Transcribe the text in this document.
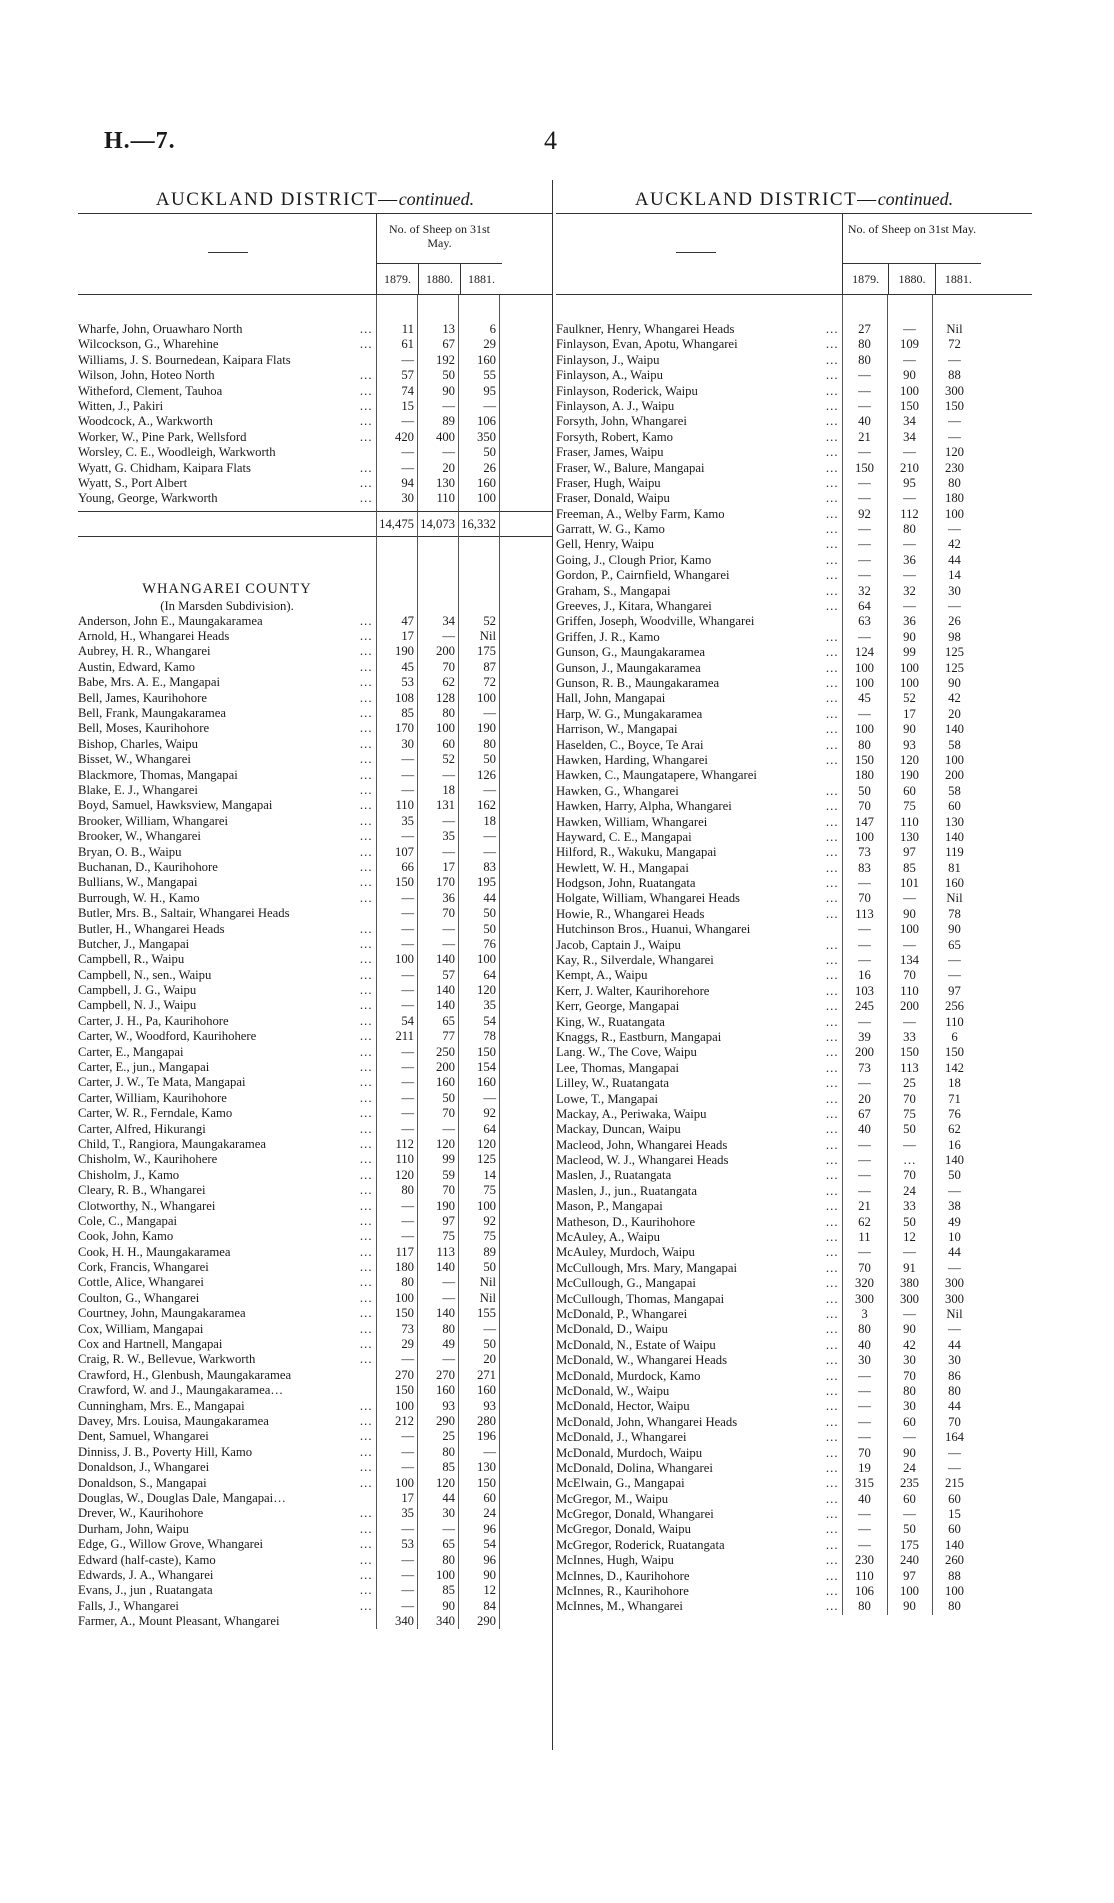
H.—7.	4
AUCKLAND DISTRICT—continued.
No. of Sheep on 31st May.
1879.	1880.	1881.
Wharfe, John, Oruawharo North	…	11	13	6
Wilcockson, G., Wharehine	…	61	67	29
Williams, J. S. Bournedean, Kaipara Flats	—	192	160
Wilson, John, Hoteo North	…	57	50	55
Witheford, Clement, Tauhoa	…	74	90	95
Witten, J., Pakiri	…	15	—	—
Woodcock, A., Warkworth	…	—	89	106
Worker, W., Pine Park, Wellsford	…	420	400	350
Worsley, C. E., Woodleigh, Warkworth	—	—	50
Wyatt, G. Chidham, Kaipara Flats	…	—	20	26
Wyatt, S., Port Albert	…	94	130	160
Young, George, Warkworth	…	30	110	100
14,475 14,073 16,332
WHANGAREI COUNTY
(In Marsden Subdivision).
Anderson, John E., Maungakaramea	…	47	34	52
Arnold, H., Whangarei Heads	…	17	—	Nil
Aubrey, H. R., Whangarei	…	190	200	175
Austin, Edward, Kamo	…	45	70	87
Babe, Mrs. A. E., Mangapai	…	53	62	72
Bell, James, Kaurihohore	…	108	128	100
Bell, Frank, Maungakaramea	…	85	80	—
Bell, Moses, Kaurihohore	…	170	100	190
Bishop, Charles, Waipu	…	30	60	80
Bisset, W., Whangarei	…	—	52	50
Blackmore, Thomas, Mangapai	…	—	—	126
Blake, E. J., Whangarei	…	—	18	—
Boyd, Samuel, Hawksview, Mangapai	…	110	131	162
Brooker, William, Whangarei	…	35	—	18
Brooker, W., Whangarei	…	—	35	—
Bryan, O. B., Waipu	…	107	—	—
Buchanan, D., Kaurihohore	…	66	17	83
Bullians, W., Mangapai	…	150	170	195
Burrough, W. H., Kamo	…	—	36	44
Butler, Mrs. B., Saltair, Whangarei Heads	—	70	50
Butler, H., Whangarei Heads	…	—	—	50
Butcher, J., Mangapai	…	—	—	76
Campbell, R., Waipu	…	100	140	100
Campbell, N., sen., Waipu	…	—	57	64
Campbell, J. G., Waipu	…	—	140	120
Campbell, N. J., Waipu	…	—	140	35
Carter, J. H., Pa, Kaurihohore	…	54	65	54
Carter, W., Woodford, Kaurihohere	…	211	77	78
Carter, E., Mangapai	…	—	250	150
Carter, E., jun., Mangapai	…	—	200	154
Carter, J. W., Te Mata, Mangapai	…	—	160	160
Carter, William, Kaurihohore	…	—	50	—
Carter, W. R., Ferndale, Kamo	…	—	70	92
Carter, Alfred, Hikurangi	…	—	—	64
Child, T., Rangiora, Maungakaramea	…	112	120	120
Chisholm, W., Kaurihohere	…	110	99	125
Chisholm, J., Kamo	…	120	59	14
Cleary, R. B., Whangarei	…	80	70	75
Clotworthy, N., Whangarei	…	—	190	100
Cole, C., Mangapai	…	—	97	92
Cook, John, Kamo	…	—	75	75
Cook, H. H., Maungakaramea	…	117	113	89
Cork, Francis, Whangarei	…	180	140	50
Cottle, Alice, Whangarei	…	80	—	Nil
Coulton, G., Whangarei	…	100	—	Nil
Courtney, John, Maungakaramea	…	150	140	155
Cox, William, Mangapai	…	73	80	—
Cox and Hartnell, Mangapai	…	29	49	50
Craig, R. W., Bellevue, Warkworth	…	—	—	20
Crawford, H., Glenbush, Maungakaramea	270	270	271
Crawford, W. and J., Maungakaramea…	150	160	160
Cunningham, Mrs. E., Mangapai	…	100	93	93
Davey, Mrs. Louisa, Maungakaramea	…	212	290	280
Dent, Samuel, Whangarei	…	—	25	196
Dinniss, J. B., Poverty Hill, Kamo	…	—	80	—
Donaldson, J., Whangarei	…	—	85	130
Donaldson, S., Mangapai	…	100	120	150
Douglas, W., Douglas Dale, Mangapai…	17	44	60
Drever, W., Kaurihohore	…	35	30	24
Durham, John, Waipu	…	—	—	96
Edge, G., Willow Grove, Whangarei	…	53	65	54
Edward (half-caste), Kamo	…	—	80	96
Edwards, J. A., Whangarei	…	—	100	90
Evans, J., jun , Ruatangata	…	—	85	12
Falls, J., Whangarei	…	—	90	84
Farmer, A., Mount Pleasant, Whangarei	340	340	290
AUCKLAND DISTRICT—continued.
No. of Sheep on 31st May.
1879.	1880.	1881.
Faulkner, Henry, Whangarei Heads	…	27	—	Nil
Finlayson, Evan, Apotu, Whangarei	…	80	109	72
Finlayson, J., Waipu	…	80	—	—
Finlayson, A., Waipu	…	—	90	88
Finlayson, Roderick, Waipu	…	—	100	300
Finlayson, A. J., Waipu	…	—	150	150
Forsyth, John, Whangarei	…	40	34	—
Forsyth, Robert, Kamo	…	21	34	—
Fraser, James, Waipu	…	—	—	120
Fraser, W., Balure, Mangapai	…	150	210	230
Fraser, Hugh, Waipu	…	—	95	80
Fraser, Donald, Waipu	…	—	—	180
Freeman, A., Welby Farm, Kamo	…	92	112	100
Garratt, W. G., Kamo	…	—	80	—
Gell, Henry, Waipu	…	—	—	42
Going, J., Clough Prior, Kamo	…	—	36	44
Gordon, P., Cairnfield, Whangarei	…	—	—	14
Graham, S., Mangapai	…	32	32	30
Greeves, J., Kitara, Whangarei	…	64	—	—
Griffen, Joseph, Woodville, Whangarei	63	36	26
Griffen, J. R., Kamo	…	—	90	98
Gunson, G., Maungakaramea	…	124	99	125
Gunson, J., Maungakaramea	…	100	100	125
Gunson, R. B., Maungakaramea	…	100	100	90
Hall, John, Mangapai	…	45	52	42
Harp, W. G., Mungakaramea	…	—	17	20
Harrison, W., Mangapai	…	100	90	140
Haselden, C., Boyce, Te Arai	…	80	93	58
Hawken, Harding, Whangarei	…	150	120	100
Hawken, C., Maungatapere, Whangarei	180	190	200
Hawken, G., Whangarei	…	50	60	58
Hawken, Harry, Alpha, Whangarei	…	70	75	60
Hawken, William, Whangarei	…	147	110	130
Hayward, C. E., Mangapai	…	100	130	140
Hilford, R., Wakuku, Mangapai	…	73	97	119
Hewlett, W. H., Mangapai	…	83	85	81
Hodgson, John, Ruatangata	…	—	101	160
Holgate, William, Whangarei Heads	…	70	—	Nil
Howie, R., Whangarei Heads	…	113	90	78
Hutchinson Bros., Huanui, Whangarei	—	100	90
Jacob, Captain J., Waipu	…	—	—	65
Kay, R., Silverdale, Whangarei	…	—	134	—
Kempt, A., Waipu	…	16	70	—
Kerr, J. Walter, Kaurihorehore	…	103	110	97
Kerr, George, Mangapai	…	245	200	256
King, W., Ruatangata	…	—	—	110
Knaggs, R., Eastburn, Mangapai	…	39	33	6
Lang. W., The Cove, Waipu	…	200	150	150
Lee, Thomas, Mangapai	…	73	113	142
Lilley, W., Ruatangata	…	—	25	18
Lowe, T., Mangapai	…	20	70	71
Mackay, A., Periwaka, Waipu	…	67	75	76
Mackay, Duncan, Waipu	…	40	50	62
Macleod, John, Whangarei Heads	…	—	—	16
Macleod, W. J., Whangarei Heads	…	—	…	140
Maslen, J., Ruatangata	…	—	70	50
Maslen, J., jun., Ruatangata	…	—	24	—
Mason, P., Mangapai	…	21	33	38
Matheson, D., Kaurihohore	…	62	50	49
McAuley, A., Waipu	…	11	12	10
McAuley, Murdoch, Waipu	…	—	—	44
McCullough, Mrs. Mary, Mangapai	…	70	91	—
McCullough, G., Mangapai	…	320	380	300
McCullough, Thomas, Mangapai	…	300	300	300
McDonald, P., Whangarei	…	3	—	Nil
McDonald, D., Waipu	…	80	90	—
McDonald, N., Estate of Waipu	…	40	42	44
McDonald, W., Whangarei Heads	…	30	30	30
McDonald, Murdock, Kamo	…	—	70	86
McDonald, W., Waipu	…	—	80	80
McDonald, Hector, Waipu	…	—	30	44
McDonald, John, Whangarei Heads	…	—	60	70
McDonald, J., Whangarei	…	—	—	164
McDonald, Murdoch, Waipu	…	70	90	—
McDonald, Dolina, Whangarei	…	19	24	—
McElwain, G., Mangapai	…	315	235	215
McGregor, M., Waipu	…	40	60	60
McGregor, Donald, Whangarei	…	—	—	15
McGregor, Donald, Waipu	…	—	50	60
McGregor, Roderick, Ruatangata	…	—	175	140
McInnes, Hugh, Waipu	…	230	240	260
McInnes, D., Kaurihohore	…	110	97	88
McInnes, R., Kaurihohore	…	106	100	100
McInnes, M., Whangarei	…	80	90	80
